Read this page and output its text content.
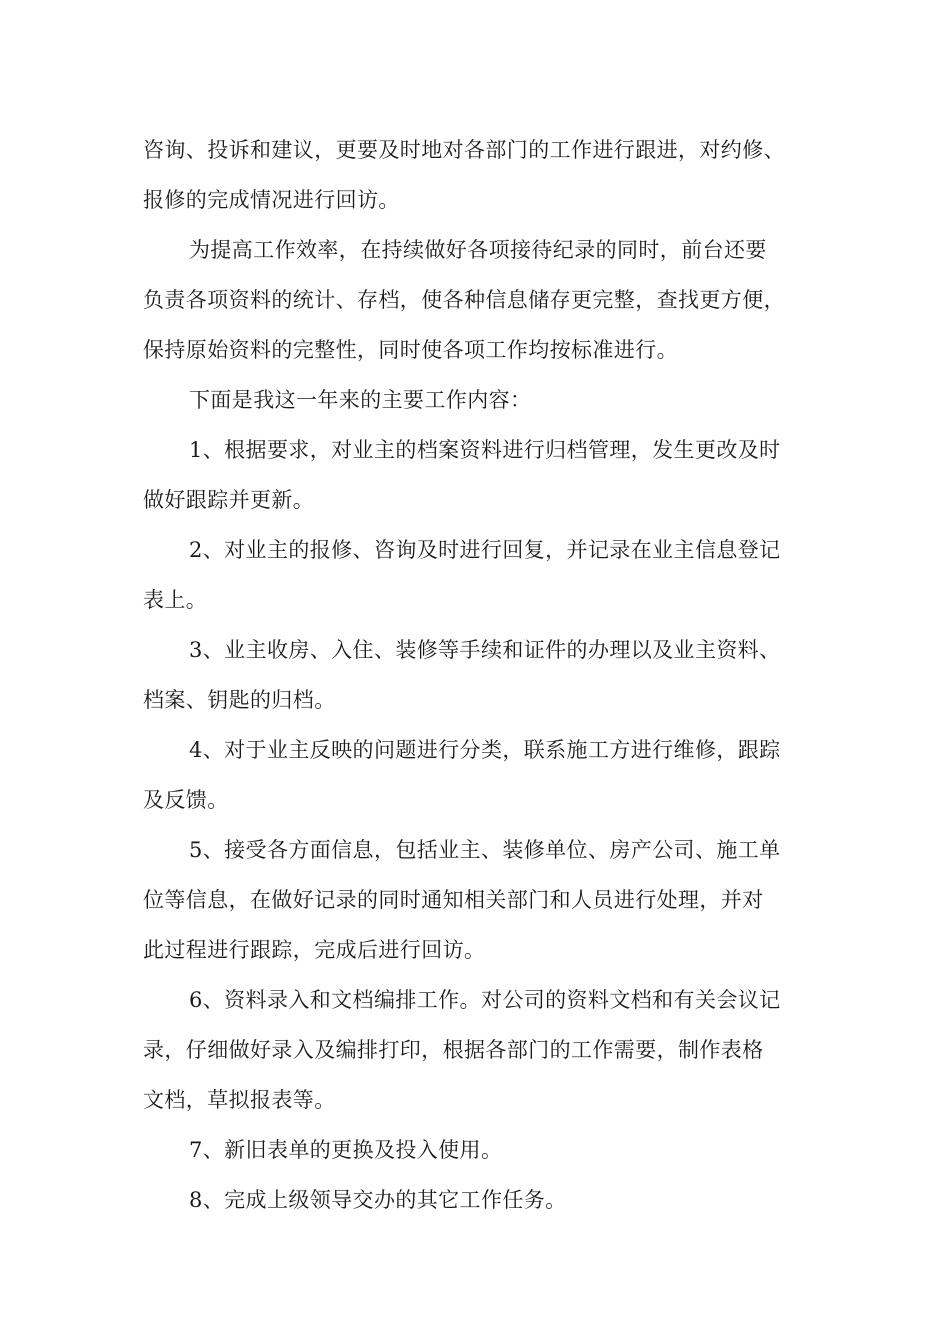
咨询、投诉和建议，更要及时地对各部门的工作进行跟进，对约修、
报修的完成情况进行回访。
为提高工作效率，在持续做好各项接待纪录的同时，前台还要
负责各项资料的统计、存档，使各种信息储存更完整，查找更方便，
保持原始资料的完整性，同时使各项工作均按标准进行。
下面是我这一年来的主要工作内容：
1、根据要求，对业主的档案资料进行归档管理，发生更改及时
做好跟踪并更新。
2、对业主的报修、咨询及时进行回复，并记录在业主信息登记
表上。
3、业主收房、入住、装修等手续和证件的办理以及业主资料、
档案、钥匙的归档。
4、对于业主反映的问题进行分类，联系施工方进行维修，跟踪
及反馈。
5、接受各方面信息，包括业主、装修单位、房产公司、施工单
位等信息，在做好记录的同时通知相关部门和人员进行处理，并对
此过程进行跟踪，完成后进行回访。
6、资料录入和文档编排工作。对公司的资料文档和有关会议记
录，仔细做好录入及编排打印，根据各部门的工作需要，制作表格
文档，草拟报表等。
7、新旧表单的更换及投入使用。
8、完成上级领导交办的其它工作任务。
